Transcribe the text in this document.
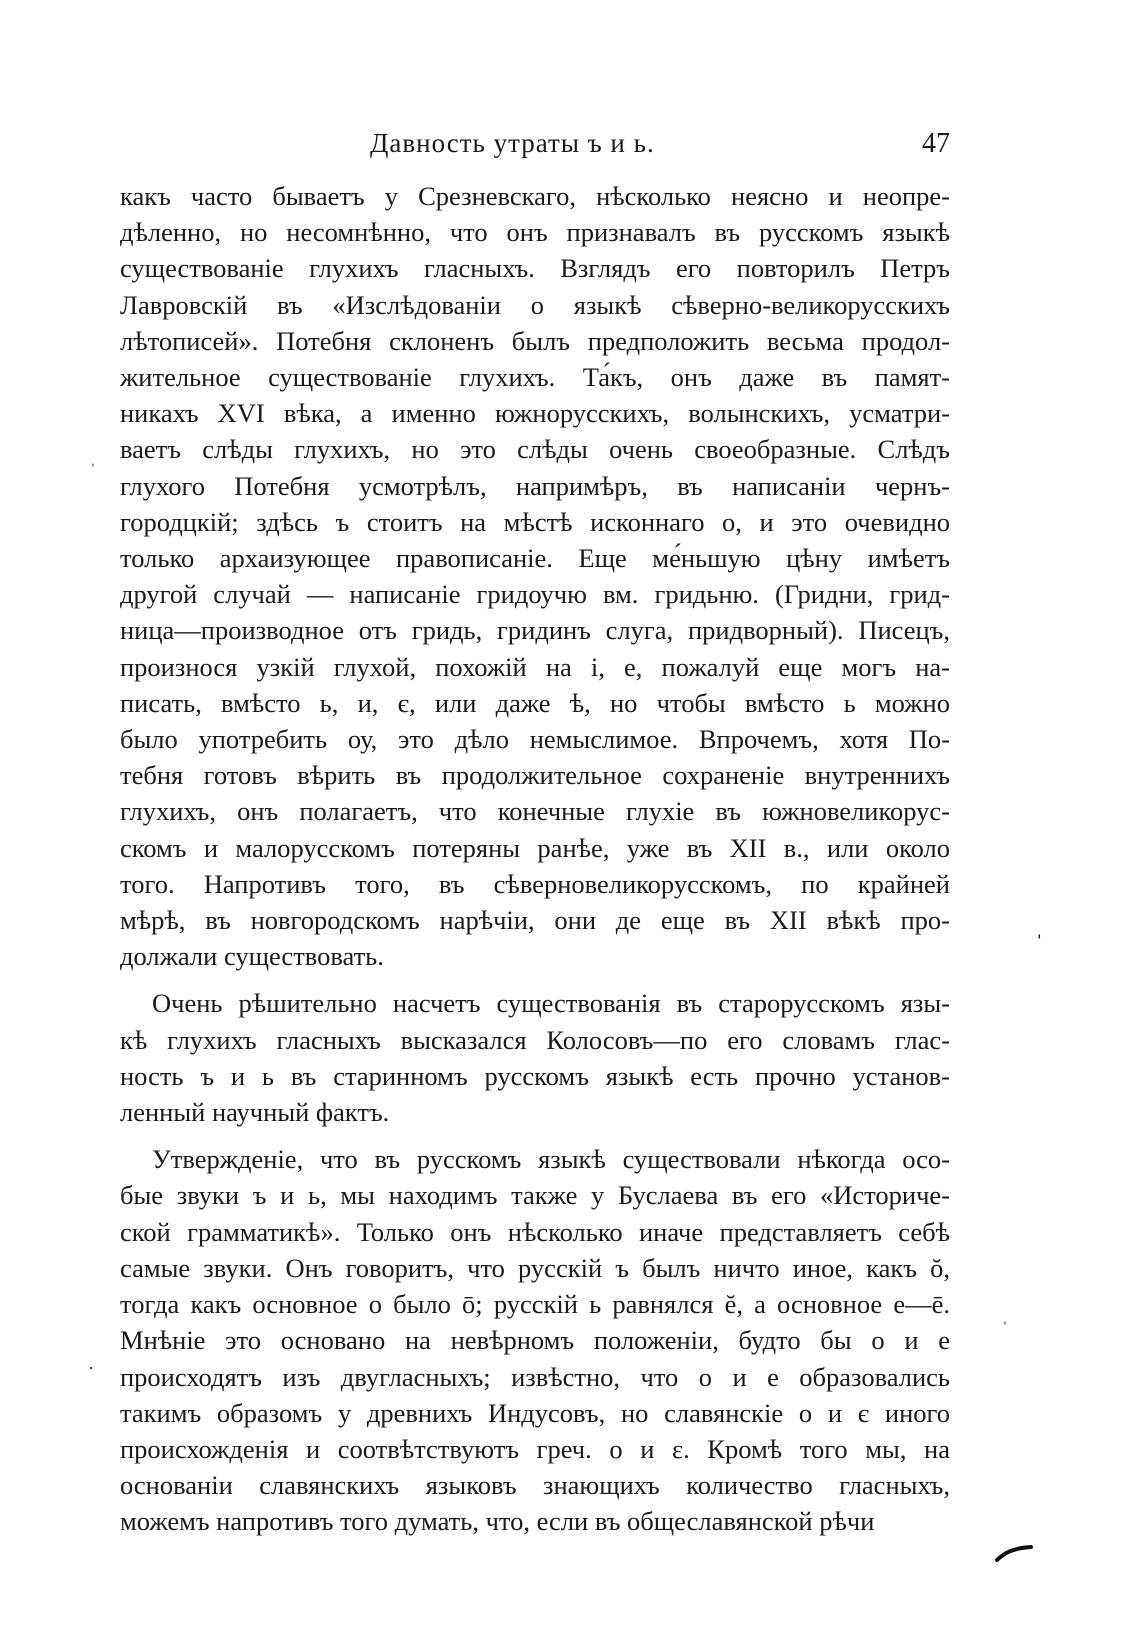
Давность утраты ъ и ь.	47
какъ часто бываетъ у Срезневскаго, нѣсколько неясно и неопре-
дѣленно, но несомнѣнно, что онъ признавалъ въ русскомъ языкѣ
существованіе глухихъ гласныхъ. Взглядъ его повторилъ Петръ
Лавровскій въ «Изслѣдованіи о языкѣ сѣверно-великорусскихъ
лѣтописей». Потебня склоненъ былъ предположить весьма продол-
жительное существованіе глухихъ. Та́къ, онъ даже въ памят-
никахъ XVI вѣка, а именно южнорусскихъ, волынскихъ, усматри-
ваетъ слѣды глухихъ, но это слѣды очень своеобразные. Слѣдъ
глухого Потебня усмотрѣлъ, напримѣръ, въ написаніи чернъ-
городцкій; здѣсь ъ стоитъ на мѣстѣ исконнаго о, и это очевидно
только архаизующее правописаніе. Еще ме́ньшую цѣну имѣетъ
другой случай — написаніе гридоучю вм. гридьню. (Гридни, грид-
ница—производное отъ гридь, гридинъ слуга, придворный). Писецъ,
произнося узкій глухой, похожій на і, е, пожалуй еще могъ на-
писать, вмѣсто ь, и, є, или даже ѣ, но чтобы вмѣсто ь можно
было употребить оу, это дѣло немыслимое. Впрочемъ, хотя По-
тебня готовъ вѣрить въ продолжительное сохраненіе внутреннихъ
глухихъ, онъ полагаетъ, что конечные глухіе въ южновеликорус-
скомъ и малорусскомъ потеряны ранѣе, уже въ XII в., или около
того. Напротивъ того, въ сѣверновеликорусскомъ, по крайней
мѣрѣ, въ новгородскомъ нарѣчіи, они де еще въ XII вѣкѣ про-
должали существовать.
Очень рѣшительно насчетъ существованія въ старорусскомъ язы-
кѣ глухихъ гласныхъ высказался Колосовъ—по его словамъ глас-
ность ъ и ь въ старинномъ русскомъ языкѣ есть прочно установ-
ленный научный фактъ.
Утвержденіе, что въ русскомъ языкѣ существовали нѣкогда осо-
бые звуки ъ и ь, мы находимъ также у Буслаева въ его «Историче-
ской грамматикѣ». Только онъ нѣсколько иначе представляетъ себѣ
самые звуки. Онъ говоритъ, что русскій ъ былъ ничто иное, какъ ŏ,
тогда какъ основное о было ō; русскій ь равнялся ĕ, а основное е—ē.
Мнѣніе это основано на невѣрномъ положеніи, будто бы о и е
происходятъ изъ двугласныхъ; извѣстно, что о и е образовались
такимъ образомъ у древнихъ Индусовъ, но славянскіе о и є иного
происхожденія и соотвѣтствуютъ греч. ο и ε. Кромѣ того мы, на
основаніи славянскихъ языковъ знающихъ количество гласныхъ,
можемъ напротивъ того думать, что, если въ общеславянской рѣчи
ˈ
ˈ
ˈ
·
